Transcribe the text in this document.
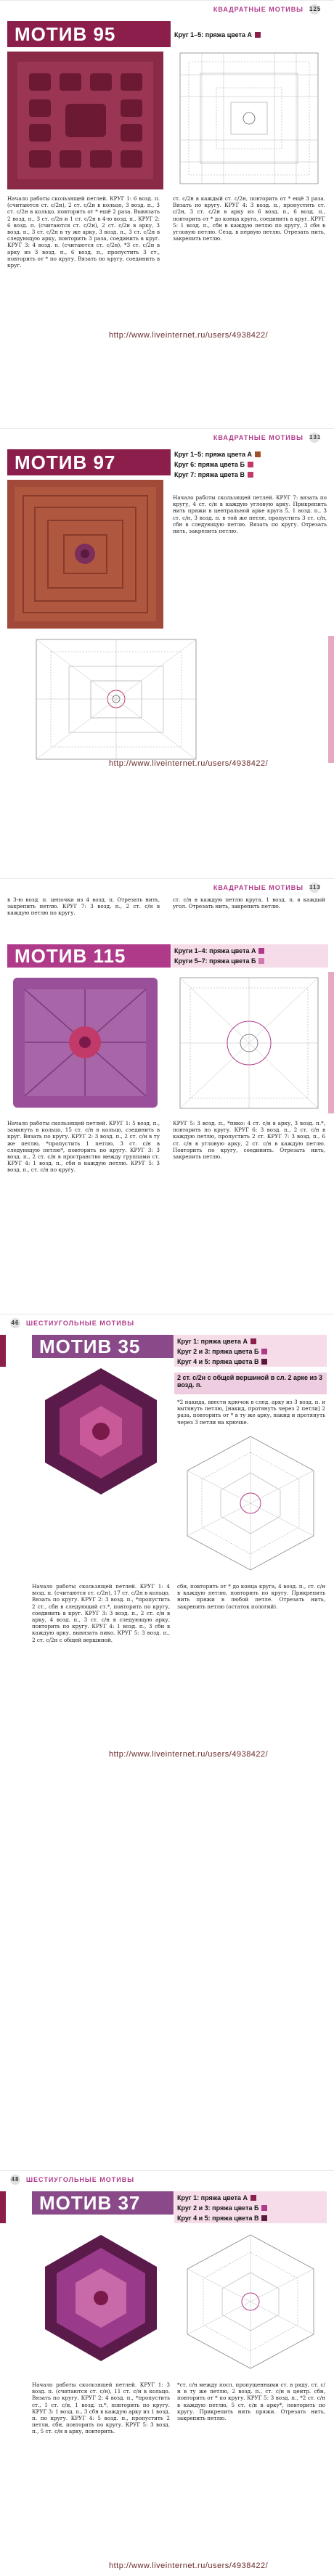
КВАДРАТНЫЕ МОТИВЫ 125
МОТИВ 95	Круг 1–5: пряжа цвета А
Начало работы скользящей петлей. КРУГ 1: 6 возд. п. (считаются ст. с/2н), 2 ст. с/2н в кольцо, 3 возд. п., 3 ст. с/2н в кольцо, повторить от * ещё 2 раза. Вывязать 2 возд. п., 3 ст. с/2н и 1 ст. с/2н в 4-ю возд. п.. КРУГ 2: 6 возд. п. (считаются ст. с/2н), 2 ст. с/2н в арку, 3 возд. п., 3 ст. с/2н в ту же арку, 3 возд. п., 3 ст. с/2н в следующую арку, повторить 3 раза, соединить в круг. КРУГ 3: 4 возд. п. (считаются ст. с/2н), *3 ст. с/2н в арку из 3 возд. п., 6 возд. п., пропустить 3 ст., повторить от * по кругу. Вязать по кругу, соединить в круг.
ст. с/2н в каждый ст. с/2н, повторить от * ещё 3 раза. Вязать по кругу. КРУГ 4: 3 возд. п., пропустить ст. с/2н, 3 ст. с/2н в арку из 6 возд. п., 6 возд. п., повторить от * до конца круга, соединить в круг. КРУГ 5: 1 возд. п., сбн в каждую петлю по кругу, 3 сбн в угловую петлю. Сезд. в первую петлю. Отрезать нить, закрепить петлю.
http://www.liveinternet.ru/users/4938422/
КВАДРАТНЫЕ МОТИВЫ 131
МОТИВ 97	Круг 1–5: пряжа цвета А
Круг 6: пряжа цвета Б
Круг 7: пряжа цвета В
Начало работы скользящей петлей. КРУГ 7: вязать по кругу, 4 ст. с/н в каждую угловую арку. Прикрепить нить пряжи в центральной арке круга 5, 1 возд. п., 3 ст. с/н, 3 возд. п. в той же петле, пропустить 3 ст. с/н, сбн в следующую петлю. Вязать по кругу. Отрезать нить, закрепить петлю.
http://www.liveinternet.ru/users/4938422/
КВАДРАТНЫЕ МОТИВЫ 113
в 3-ю возд. п. цепочки из 4 возд. п. Отрезать нить, закрепить петлю. КРУГ 7: 3 возд. п., 2 ст. с/н в каждую петлю по кругу.
ст. с/н в каждую петлю круга. 1 возд. п. в каждый угол. Отрезать нить, закрепить петлю.
МОТИВ 115	Круги 1–4: пряжа цвета А
Круги 5–7: пряжа цвета Б
Начало работы скользящей петлей. КРУГ 1: 5 возд. п., замкнуть в кольцо, 15 ст. с/н в кольцо, сзединить в круг. Вязать по кругу. КРУГ 2: 3 возд. п., 2 ст. с/н в ту же петлю, *пропустить 1 петлю, 3 ст. с/н в следующую петлю*, повторить по кругу. КРУГ 3: 3 возд. п., 2 ст. с/н в пространство между группами ст. КРУГ 4: 1 возд. п., сбн в каждую петлю. КРУГ 5: 3 возд. п., ст. с/н по кругу.
КРУГ 5: 3 возд. п., *пико: 4 ст. с/н в арку, 3 возд. п.*, повторить по кругу. КРУГ 6: 3 возд. п., 2 ст. с/н в каждую петлю, пропустить 2 ст. КРУГ 7: 3 возд. п., 6 ст. с/н в угловую арку, 2 ст. с/н в каждую петлю. Повторить по кругу, соединить. Отрезать нить, закрепить петлю.
46 ШЕСТИУГОЛЬНЫЕ МОТИВЫ
МОТИВ 35	Круг 1: пряжа цвета А
Круг 2 и 3: пряжа цвета Б
Круг 4 и 5: пряжа цвета В
2 ст. с/2н с общей вершиной в сл. 2 арке из 3 возд. п.
*2 накида, ввести крючок в след. арку из 3 возд. п. и вытянуть петлю, [накид, протянуть через 2 петли] 2 раза, повторить от * в ту же арку, накид и протянуть через 3 петли на крючке.
Начало работы скользящей петлей. КРУГ 1: 4 возд. п. (считаются ст. с/2н), 17 ст. с/2н в кольцо. Вязать по кругу. КРУГ 2: 3 возд. п., *пропустить 2 ст., сбн в следующий ст.*, повторить по кругу, соединить в круг. КРУГ 3: 3 возд. п., 2 ст. с/н в арку, 4 возд. п., 3 ст. с/н в следующую арку, повторить по кругу. КРУГ 4: 1 возд. п., 3 сбн в каждую арку, вывязать пико. КРУГ 5: 3 возд. п., 2 ст. с/2н с общей вершиной.
сбн, повторить от * до конца круга, 4 возд. п., ст. с/н в каждую петлю, повторить по кругу. Прикрепить нить пряжи в любой петле. Отрезать нить, закрепить петлю (остаток пологий).
http://www.liveinternet.ru/users/4938422/
48 ШЕСТИУГОЛЬНЫЕ МОТИВЫ
МОТИВ 37	Круг 1: пряжа цвета А
Круг 2 и 3: пряжа цвета Б
Круг 4 и 5: пряжа цвета В
Начало работы скользящей петлей. КРУГ 1: 3 возд. п. (считаются ст. с/н), 11 ст. с/н в кольцо. Вязать по кругу. КРУГ 2: 4 возд. п., *пропустить ст., 1 ст. с/н, 1 возд. п.*, повторить по кругу. КРУГ 3: 1 возд. п., 3 сбн в каждую арку из 1 возд. п. по кругу. КРУГ 4: 5 возд. п., пропустить 2 петли, сбн, повторить по кругу. КРУГ 5: 3 возд. п., 5 ст. с/н в арку, повторить.
*ст. с/н между посл. пропущенными ст. в ряду, ст. с/н в ту же петлю, 2 возд. п., ст. с/н в центр. сбн, повторить от * по кругу. КРУГ 5: 3 возд. п., *2 ст. с/н в каждую петлю, 5 ст. с/н в арку*, повторить по кругу. Прикрепить нить пряжи. Отрезать нить, закрепить петлю.
http://www.liveinternet.ru/users/4938422/
